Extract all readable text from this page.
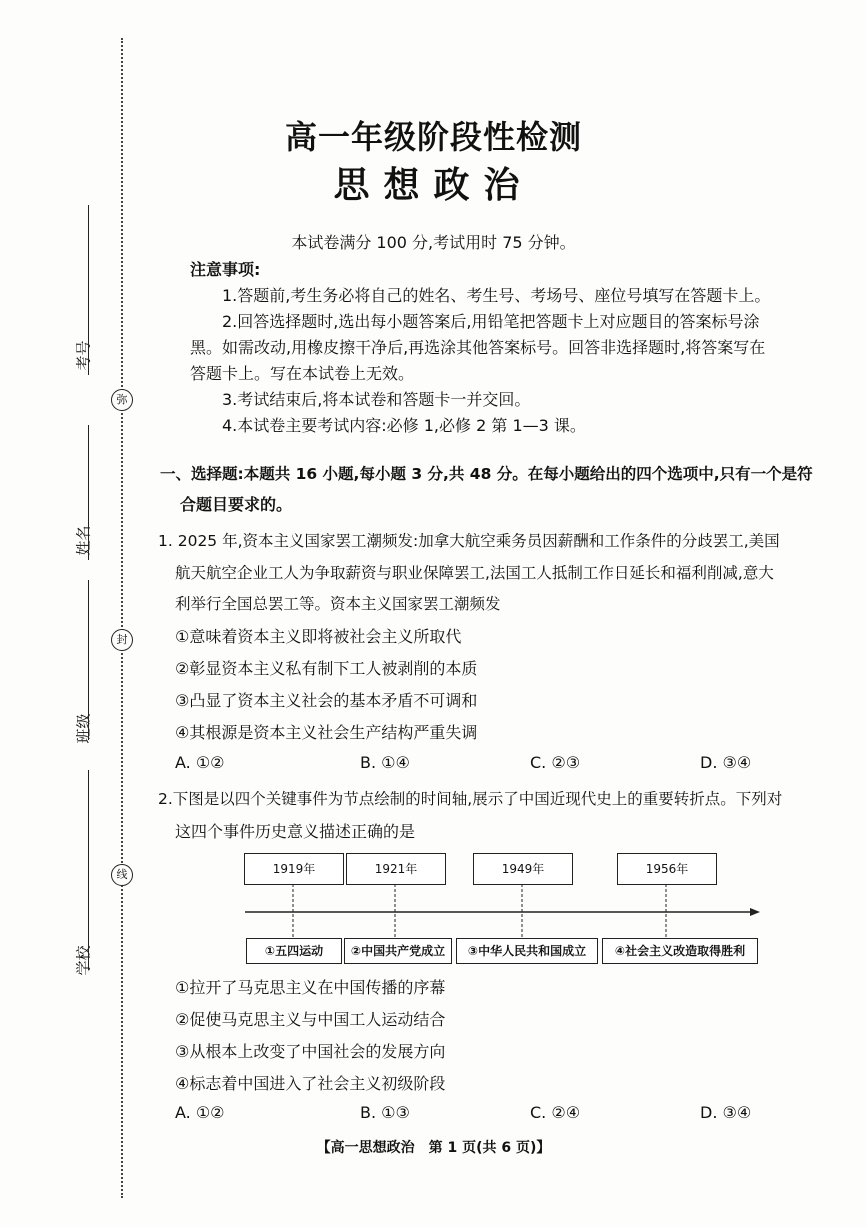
弥
封
线
考号
姓名
班级
学校
高一年级阶段性检测
思想政治
本试卷满分 100 分,考试用时 75 分钟。
注意事项:
1.答题前,考生务必将自己的姓名、考生号、考场号、座位号填写在答题卡上。
2.回答选择题时,选出每小题答案后,用铅笔把答题卡上对应题目的答案标号涂
黑。如需改动,用橡皮擦干净后,再选涂其他答案标号。回答非选择题时,将答案写在
答题卡上。写在本试卷上无效。
3.考试结束后,将本试卷和答题卡一并交回。
4.本试卷主要考试内容:必修 1,必修 2 第 1—3 课。
一、选择题:本题共 16 小题,每小题 3 分,共 48 分。在每小题给出的四个选项中,只有一个是符
合题目要求的。
1. 2025 年,资本主义国家罢工潮频发:加拿大航空乘务员因薪酬和工作条件的分歧罢工,美国
航天航空企业工人为争取薪资与职业保障罢工,法国工人抵制工作日延长和福利削减,意大
利举行全国总罢工等。资本主义国家罢工潮频发
①意味着资本主义即将被社会主义所取代
②彰显资本主义私有制下工人被剥削的本质
③凸显了资本主义社会的基本矛盾不可调和
④其根源是资本主义社会生产结构严重失调
A. ①②	B. ①④	C. ②③	D. ③④
2.下图是以四个关键事件为节点绘制的时间轴,展示了中国近现代史上的重要转折点。下列对
这四个事件历史意义描述正确的是
1919年	1921年	1949年	1956年
①五四运动	②中国共产党成立	③中华人民共和国成立	④社会主义改造取得胜利
①拉开了马克思主义在中国传播的序幕
②促使马克思主义与中国工人运动结合
③从根本上改变了中国社会的发展方向
④标志着中国进入了社会主义初级阶段
A. ①②	B. ①③	C. ②④	D. ③④
【高一思想政治　第 1 页(共 6 页)】
